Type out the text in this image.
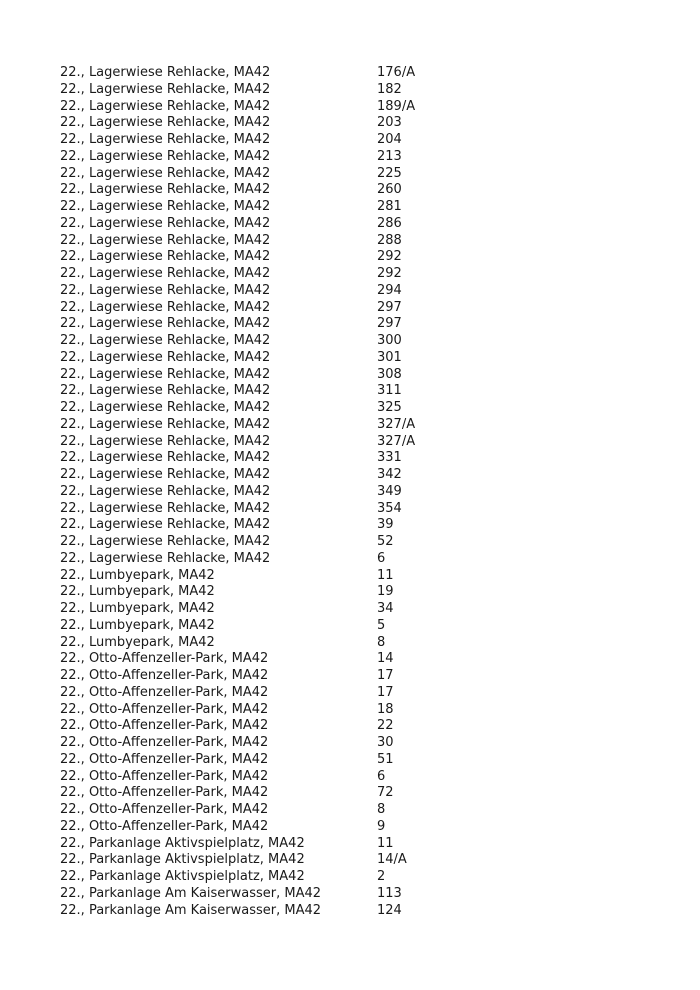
22., Lagerwiese Rehlacke, MA42	176/A
22., Lagerwiese Rehlacke, MA42	182
22., Lagerwiese Rehlacke, MA42	189/A
22., Lagerwiese Rehlacke, MA42	203
22., Lagerwiese Rehlacke, MA42	204
22., Lagerwiese Rehlacke, MA42	213
22., Lagerwiese Rehlacke, MA42	225
22., Lagerwiese Rehlacke, MA42	260
22., Lagerwiese Rehlacke, MA42	281
22., Lagerwiese Rehlacke, MA42	286
22., Lagerwiese Rehlacke, MA42	288
22., Lagerwiese Rehlacke, MA42	292
22., Lagerwiese Rehlacke, MA42	292
22., Lagerwiese Rehlacke, MA42	294
22., Lagerwiese Rehlacke, MA42	297
22., Lagerwiese Rehlacke, MA42	297
22., Lagerwiese Rehlacke, MA42	300
22., Lagerwiese Rehlacke, MA42	301
22., Lagerwiese Rehlacke, MA42	308
22., Lagerwiese Rehlacke, MA42	311
22., Lagerwiese Rehlacke, MA42	325
22., Lagerwiese Rehlacke, MA42	327/A
22., Lagerwiese Rehlacke, MA42	327/A
22., Lagerwiese Rehlacke, MA42	331
22., Lagerwiese Rehlacke, MA42	342
22., Lagerwiese Rehlacke, MA42	349
22., Lagerwiese Rehlacke, MA42	354
22., Lagerwiese Rehlacke, MA42	39
22., Lagerwiese Rehlacke, MA42	52
22., Lagerwiese Rehlacke, MA42	6
22., Lumbyepark, MA42	11
22., Lumbyepark, MA42	19
22., Lumbyepark, MA42	34
22., Lumbyepark, MA42	5
22., Lumbyepark, MA42	8
22., Otto-Affenzeller-Park, MA42	14
22., Otto-Affenzeller-Park, MA42	17
22., Otto-Affenzeller-Park, MA42	17
22., Otto-Affenzeller-Park, MA42	18
22., Otto-Affenzeller-Park, MA42	22
22., Otto-Affenzeller-Park, MA42	30
22., Otto-Affenzeller-Park, MA42	51
22., Otto-Affenzeller-Park, MA42	6
22., Otto-Affenzeller-Park, MA42	72
22., Otto-Affenzeller-Park, MA42	8
22., Otto-Affenzeller-Park, MA42	9
22., Parkanlage Aktivspielplatz, MA42	11
22., Parkanlage Aktivspielplatz, MA42	14/A
22., Parkanlage Aktivspielplatz, MA42	2
22., Parkanlage Am Kaiserwasser, MA42	113
22., Parkanlage Am Kaiserwasser, MA42	124
